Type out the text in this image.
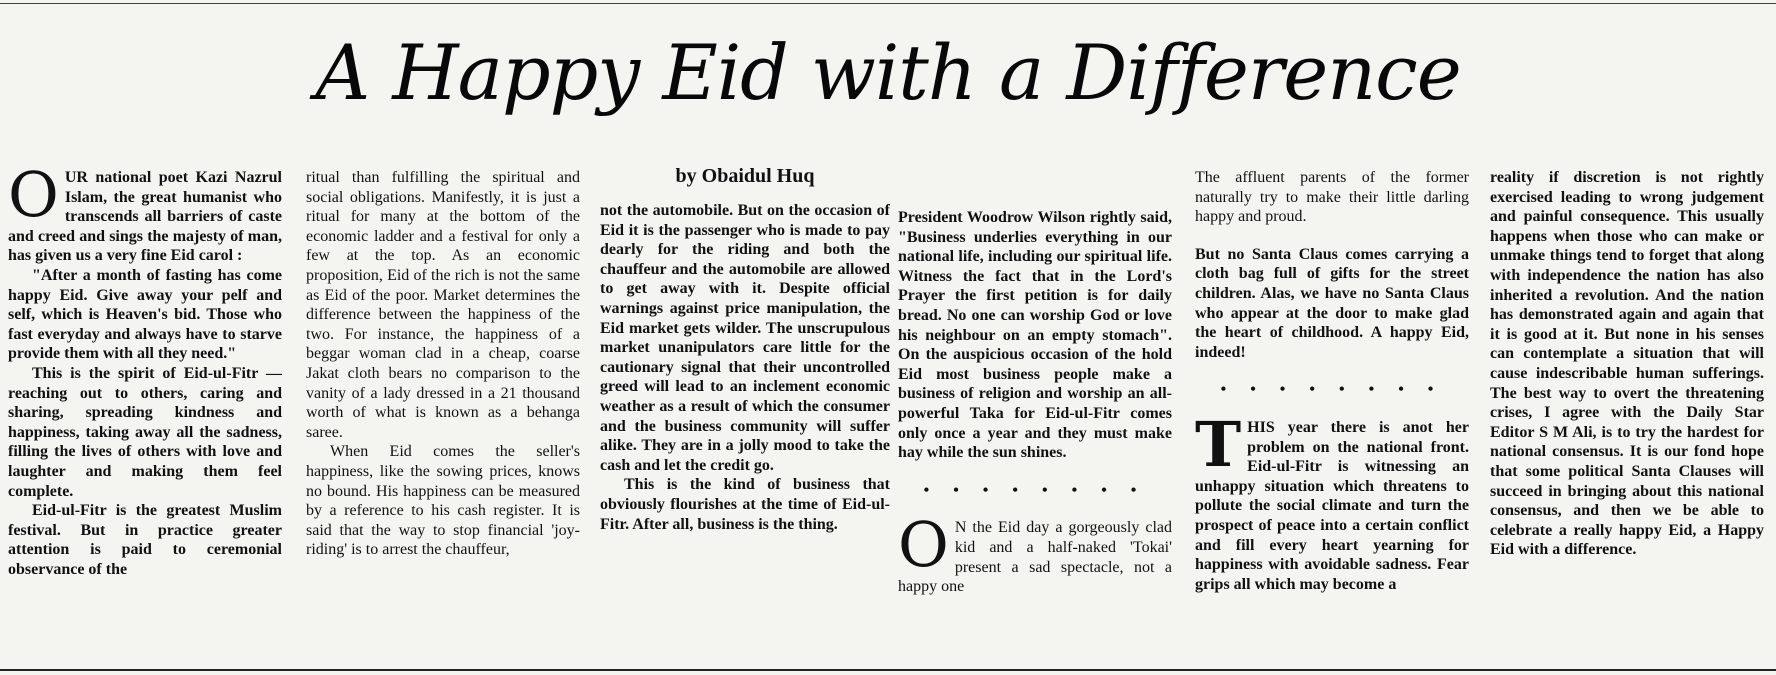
A Happy Eid with a Difference

OUR national poet Kazi Nazrul Islam, the great humanist who transcends all barriers of caste and creed and sings the majesty of man, has given us a very fine Eid carol :

"After a month of fasting has come happy Eid. Give away your pelf and self, which is Heaven's bid. Those who fast everyday and always have to starve provide them with all they need."

This is the spirit of Eid-ul-Fitr — reaching out to others, caring and sharing, spreading kindness and happiness, taking away all the sadness, filling the lives of others with love and laughter and making them feel complete.

Eid-ul-Fitr is the greatest Muslim festival. But in practice greater attention is paid to ceremonial observance of the

ritual than fulfilling the spiritual and social obligations. Manifestly, it is just a ritual for many at the bottom of the economic ladder and a festival for only a few at the top. As an economic proposition, Eid of the rich is not the same as Eid of the poor. Market determines the difference between the happiness of the two. For instance, the happiness of a beggar woman clad in a cheap, coarse Jakat cloth bears no comparison to the vanity of a lady dressed in a 21 thousand worth of what is known as a behanga saree.

When Eid comes the seller's happiness, like the sowing prices, knows no bound. His happiness can be measured by a reference to his cash register. It is said that the way to stop financial 'joy-riding' is to arrest the chauffeur,

by Obaidul Huq

not the automobile. But on the occasion of Eid it is the passenger who is made to pay dearly for the riding and both the chauffeur and the automobile are allowed to get away with it. Despite official warnings against price manipulation, the Eid market gets wilder. The unscrupulous market unanipulators care little for the cautionary signal that their uncontrolled greed will lead to an inclement economic weather as a result of which the consumer and the business community will suffer alike. They are in a jolly mood to take the cash and let the credit go.

This is the kind of business that obviously flourishes at the time of Eid-ul-Fitr. After all, business is the thing.

President Woodrow Wilson rightly said, "Business underlies everything in our national life, including our spiritual life. Witness the fact that in the Lord's Prayer the first petition is for daily bread. No one can worship God or love his neighbour on an empty stomach". On the auspicious occasion of the hold Eid most business people make a business of religion and worship an all-powerful Taka for Eid-ul-Fitr comes only once a year and they must make hay while the sun shines.

• • • • • • • •

O N the Eid day a gorgeously clad kid and a half-naked 'Tokai' present a sad spectacle, not a happy one

The affluent parents of the former naturally try to make their little darling happy and proud.

But no Santa Claus comes carrying a cloth bag full of gifts for the street children. Alas, we have no Santa Claus who appear at the door to make glad the heart of childhood. A happy Eid, indeed!

• • • • • • • •

THIS year there is anot her problem on the national front. Eid-ul-Fitr is witnessing an unhappy situation which threatens to pollute the social climate and turn the prospect of peace into a certain conflict and fill every heart yearning for happiness with avoidable sadness. Fear grips all which may become a

reality if discretion is not rightly exercised leading to wrong judgement and painful consequence. This usually happens when those who can make or unmake things tend to forget that along with independence the nation has also inherited a revolution. And the nation has demonstrated again and again that it is good at it. But none in his senses can contemplate a situation that will cause indescribable human sufferings. The best way to overt the threatening crises, I agree with the Daily Star Editor S M Ali, is to try the hardest for national consensus. It is our fond hope that some political Santa Clauses will succeed in bringing about this national consensus, and then we be able to celebrate a really happy Eid, a Happy Eid with a difference.
